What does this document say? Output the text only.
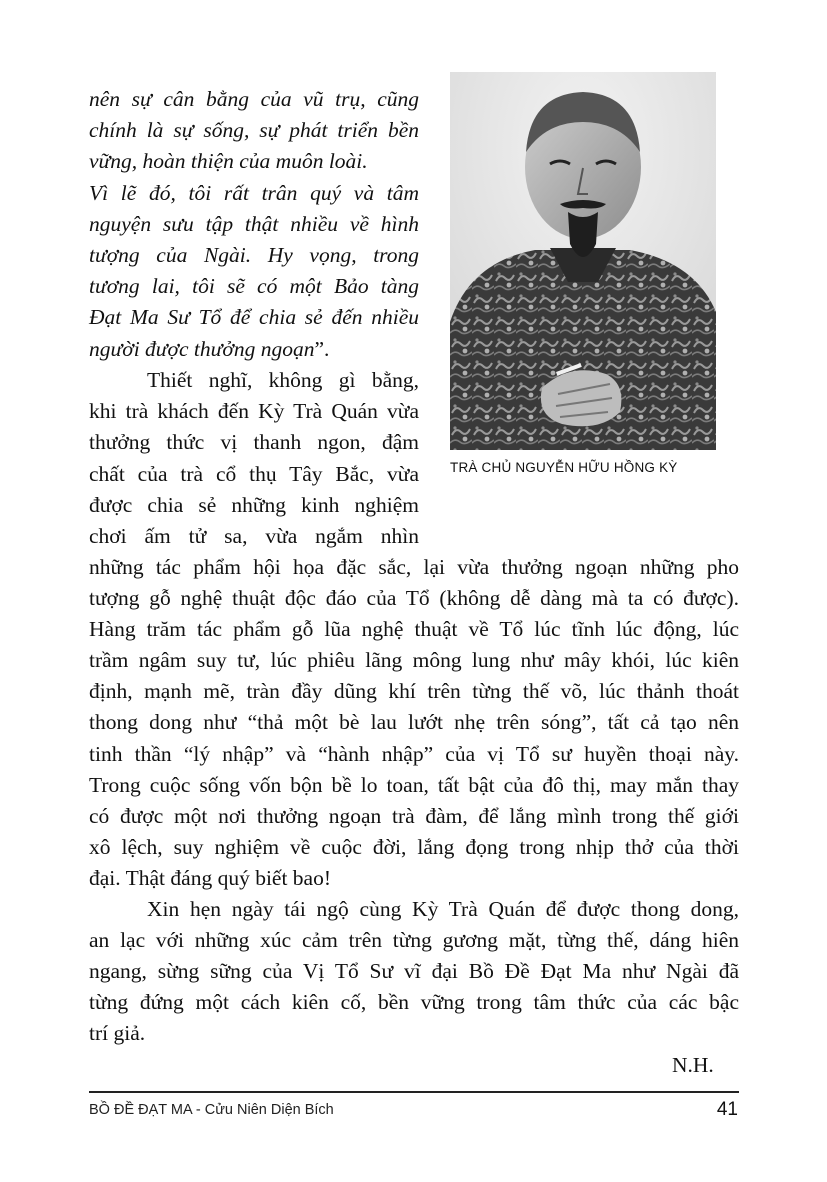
nên sự cân bằng của vũ trụ, cũng
chính là sự sống, sự phát triển bền
vững, hoàn thiện của muôn loài.
Vì lẽ đó, tôi rất trân quý và tâm
nguyện sưu tập thật nhiều về hình
tượng của Ngài. Hy vọng, trong
tương lai, tôi sẽ có một Bảo tàng
Đạt Ma Sư Tổ để chia sẻ đến nhiều
người được thưởng ngoạn”.
Thiết nghĩ, không gì bằng,
khi trà khách đến Kỳ Trà Quán vừa
thưởng thức vị thanh ngon, đậm
chất của trà cổ thụ Tây Bắc, vừa
được chia sẻ những kinh nghiệm
chơi ấm tử sa, vừa ngắm nhìn
TRÀ CHỦ NGUYỄN HỮU HỒNG KỲ
những tác phẩm hội họa đặc sắc, lại vừa thưởng ngoạn những pho
tượng gỗ nghệ thuật độc đáo của Tổ (không dễ dàng mà ta có được).
Hàng trăm tác phẩm gỗ lũa nghệ thuật về Tổ lúc tĩnh lúc động, lúc
trầm ngâm suy tư, lúc phiêu lãng mông lung như mây khói, lúc kiên
định, mạnh mẽ, tràn đầy dũng khí trên từng thế võ, lúc thảnh thoát
thong dong như “thả một bè lau lướt nhẹ trên sóng”, tất cả tạo nên
tinh thần “lý nhập” và “hành nhập” của vị Tổ sư huyền thoại này.
Trong cuộc sống vốn bộn bề lo toan, tất bật của đô thị, may mắn thay
có được một nơi thưởng ngoạn trà đàm, để lắng mình trong thế giới
xô lệch, suy nghiệm về cuộc đời, lắng đọng trong nhịp thở của thời
đại. Thật đáng quý biết bao!
Xin hẹn ngày tái ngộ cùng Kỳ Trà Quán để được thong dong,
an lạc với những xúc cảm trên từng gương mặt, từng thế, dáng hiên
ngang, sừng sững của Vị Tổ Sư vĩ đại Bồ Đề Đạt Ma như Ngài đã
từng đứng một cách kiên cố, bền vững trong tâm thức của các bậc
trí giả.
N.H.
BỒ ĐỀ ĐẠT MA - Cửu Niên Diện Bích	41
